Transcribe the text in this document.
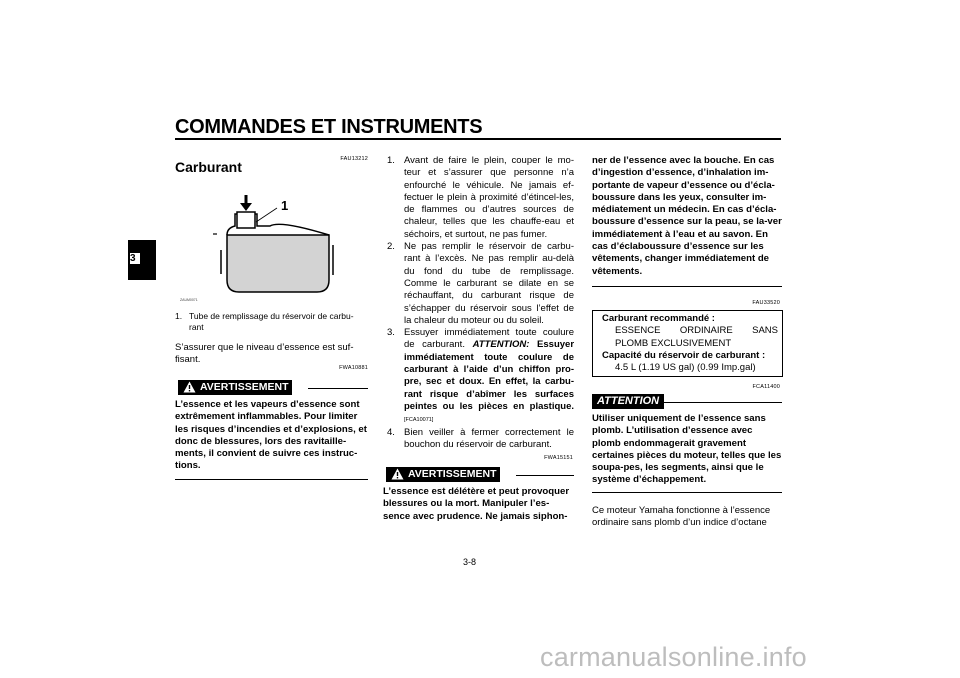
COMMANDES ET INSTRUMENTS
3
FAU13212
Carburant
1
ZAUM0071
1. Tube de remplissage du réservoir de carbu-rant
S’assurer que le niveau d’essence est suf-fisant.
FWA10881
AVERTISSEMENT
L’essence et les vapeurs d’essence sont extrêmement inflammables. Pour limiter les risques d’incendies et d’explosions, et donc de blessures, lors des ravitaille-ments, il convient de suivre ces instruc-tions.
1. Avant de faire le plein, couper le mo-teur et s’assurer que personne n’a enfourché le véhicule. Ne jamais ef-fectuer le plein à proximité d’étincel-les, de flammes ou d’autres sources de chaleur, telles que les chauffe-eau et séchoirs, et surtout, ne pas fumer.
2. Ne pas remplir le réservoir de carbu-rant à l’excès. Ne pas remplir au-delà du fond du tube de remplissage. Comme le carburant se dilate en se réchauffant, du carburant risque de s’échapper du réservoir sous l’effet de la chaleur du moteur ou du soleil.
3. Essuyer immédiatement toute coulure de carburant. ATTENTION: Essuyer immédiatement toute coulure de carburant à l’aide d’un chiffon pro-pre, sec et doux. En effet, la carbu-rant risque d’abîmer les surfaces peintes ou les pièces en plastique.[FCA10071]
4. Bien veiller à fermer correctement le bouchon du réservoir de carburant.
FWA15151
AVERTISSEMENT
L’essence est délétère et peut provoquer blessures ou la mort. Manipuler l’es-sence avec prudence. Ne jamais siphon-
ner de l’essence avec la bouche. En cas d’ingestion d’essence, d’inhalation im-portante de vapeur d’essence ou d’écla-boussure dans les yeux, consulter im-médiatement un médecin. En cas d’écla-boussure d’essence sur la peau, se la-ver immédiatement à l’eau et au savon. En cas d’éclaboussure d’essence sur les vêtements, changer immédiatement de vêtements.
FAU33520
Carburant recommandé :
ESSENCE ORDINAIRE SANS PLOMB EXCLUSIVEMENT
Capacité du réservoir de carburant :
4.5 L (1.19 US gal) (0.99 Imp.gal)
FCA11400
ATTENTION
Utiliser uniquement de l’essence sans plomb. L’utilisation d’essence avec plomb endommagerait gravement certaines pièces du moteur, telles que les soupa-pes, les segments, ainsi que le système d’échappement.
Ce moteur Yamaha fonctionne à l’essence ordinaire sans plomb d’un indice d’octane
3-8
carmanualsonline.info
